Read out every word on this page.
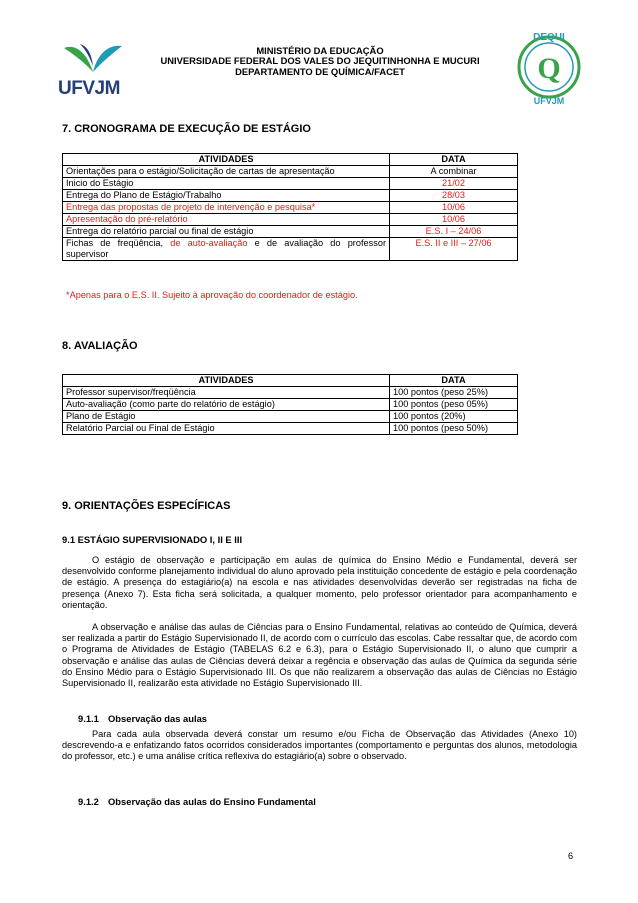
UFVJM
MINISTÉRIO DA EDUCAÇÃO
UNIVERSIDADE FEDERAL DOS VALES DO JEQUITINHONHA E MUCURI
DEPARTAMENTO DE QUÍMICA/FACET
DEQUI
Q
UFVJM
7. CRONOGRAMA DE EXECUÇÃO DE ESTÁGIO
ATIVIDADES	DATA
Orientações para o estágio/Solicitação de cartas de apresentação	A combinar
Inicio do Estágio	21/02
Entrega do Plano de Estágio/Trabalho	28/03
Entrega das propostas de projeto de intervenção e pesquisa*	10/06
Apresentação do pré-relatório	10/06
Entrega do relatório parcial ou final de estágio	E.S. I – 24/06
Fichas de freqüência, de auto-avaliação e de avaliação do professor supervisor	E.S. II e III – 27/06
*Apenas para o E.S. II. Sujeito à aprovação do coordenador de estágio.
8. AVALIAÇÃO
ATIVIDADES	DATA
Professor supervisor/freqüência	100 pontos (peso 25%)
Auto-avaliação (como parte do relatório de estágio)	100 pontos (peso 05%)
Plano de Estágio	100 pontos (20%)
Relatório Parcial ou Final de Estágio	100 pontos (peso 50%)
9. ORIENTAÇÕES ESPECÍFICAS
9.1 ESTÁGIO SUPERVISIONADO I, II E III

O estágio de observação e participação em aulas de química do Ensino Médio e Fundamental, deverá ser desenvolvido conforme planejamento individual do aluno aprovado pela instituição concedente de estágio e pela coordenação de estágio. A presença do estagiário(a) na escola e nas atividades desenvolvidas deverão ser registradas na ficha de presença (Anexo 7). Esta ficha será solicitada, a qualquer momento, pelo professor orientador para acompanhamento e orientação.

A observação e análise das aulas de Ciências para o Ensino Fundamental, relativas ao conteúdo de Química, deverá ser realizada a partir do Estágio Supervisionado II, de acordo com o currículo das escolas. Cabe ressaltar que, de acordo com o Programa de Atividades de Estágio (TABELAS 6.2 e 6.3), para o Estágio Supervisionado II, o aluno que cumprir a observação e análise das aulas de Ciências deverá deixar a regência e observação das aulas de Química da segunda série do Ensino Médio para o Estágio Supervisionado III. Os que não realizarem a observação das aulas de Ciências no Estágio Supervisionado II, realizarão esta atividade no Estágio Supervisionado III.

9.1.1 Observação das aulas

Para cada aula observada deverá constar um resumo e/ou Ficha de Observação das Atividades (Anexo 10) descrevendo-a e enfatizando fatos ocorridos considerados importantes (comportamento e perguntas dos alunos, metodologia do professor, etc.) e uma análise crítica reflexiva do estagiário(a) sobre o observado.

9.1.2 Observação das aulas do Ensino Fundamental
6
